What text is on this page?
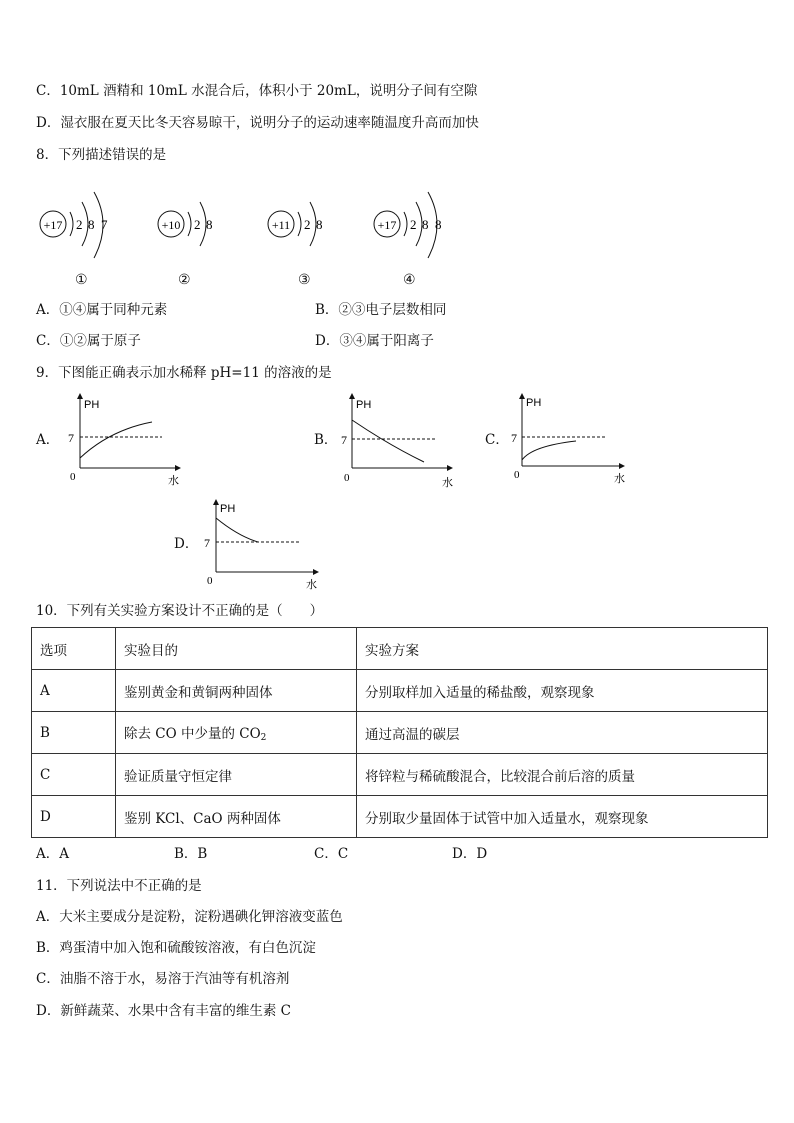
C．10mL 酒精和 10mL 水混合后，体积小于 20mL，说明分子间有空隙
D．湿衣服在夏天比冬天容易晾干，说明分子的运动速率随温度升高而加快
8．下列描述错误的是
+17 2 8 7
①
+10 2 8
②
+11 2 8
③
+17 2 8 8
④
A．①④属于同种元素	B．②③电子层数相同
C．①②属于原子	D．③④属于阳离子
9．下图能正确表示加水稀释 pH=11 的溶液的是
A．
PH
7
0	水
B．
PH
7
0	水
C．
PH
7
0	水
D．
PH
7
0	水
10．下列有关实验方案设计不正确的是（　　）
选项	实验目的	实验方案
A	鉴别黄金和黄铜两种固体	分别取样加入适量的稀盐酸，观察现象
B	除去 CO 中少量的 $CO_2$	通过高温的碳层
C	验证质量守恒定律	将锌粒与稀硫酸混合，比较混合前后溶的质量
D	鉴别 KCl、CaO 两种固体	分别取少量固体于试管中加入适量水，观察现象
A．A	B．B	C．C	D．D
11．下列说法中不正确的是
A．大米主要成分是淀粉，淀粉遇碘化钾溶液变蓝色
B．鸡蛋清中加入饱和硫酸铵溶液，有白色沉淀
C．油脂不溶于水，易溶于汽油等有机溶剂
D．新鲜蔬菜、水果中含有丰富的维生素 C
